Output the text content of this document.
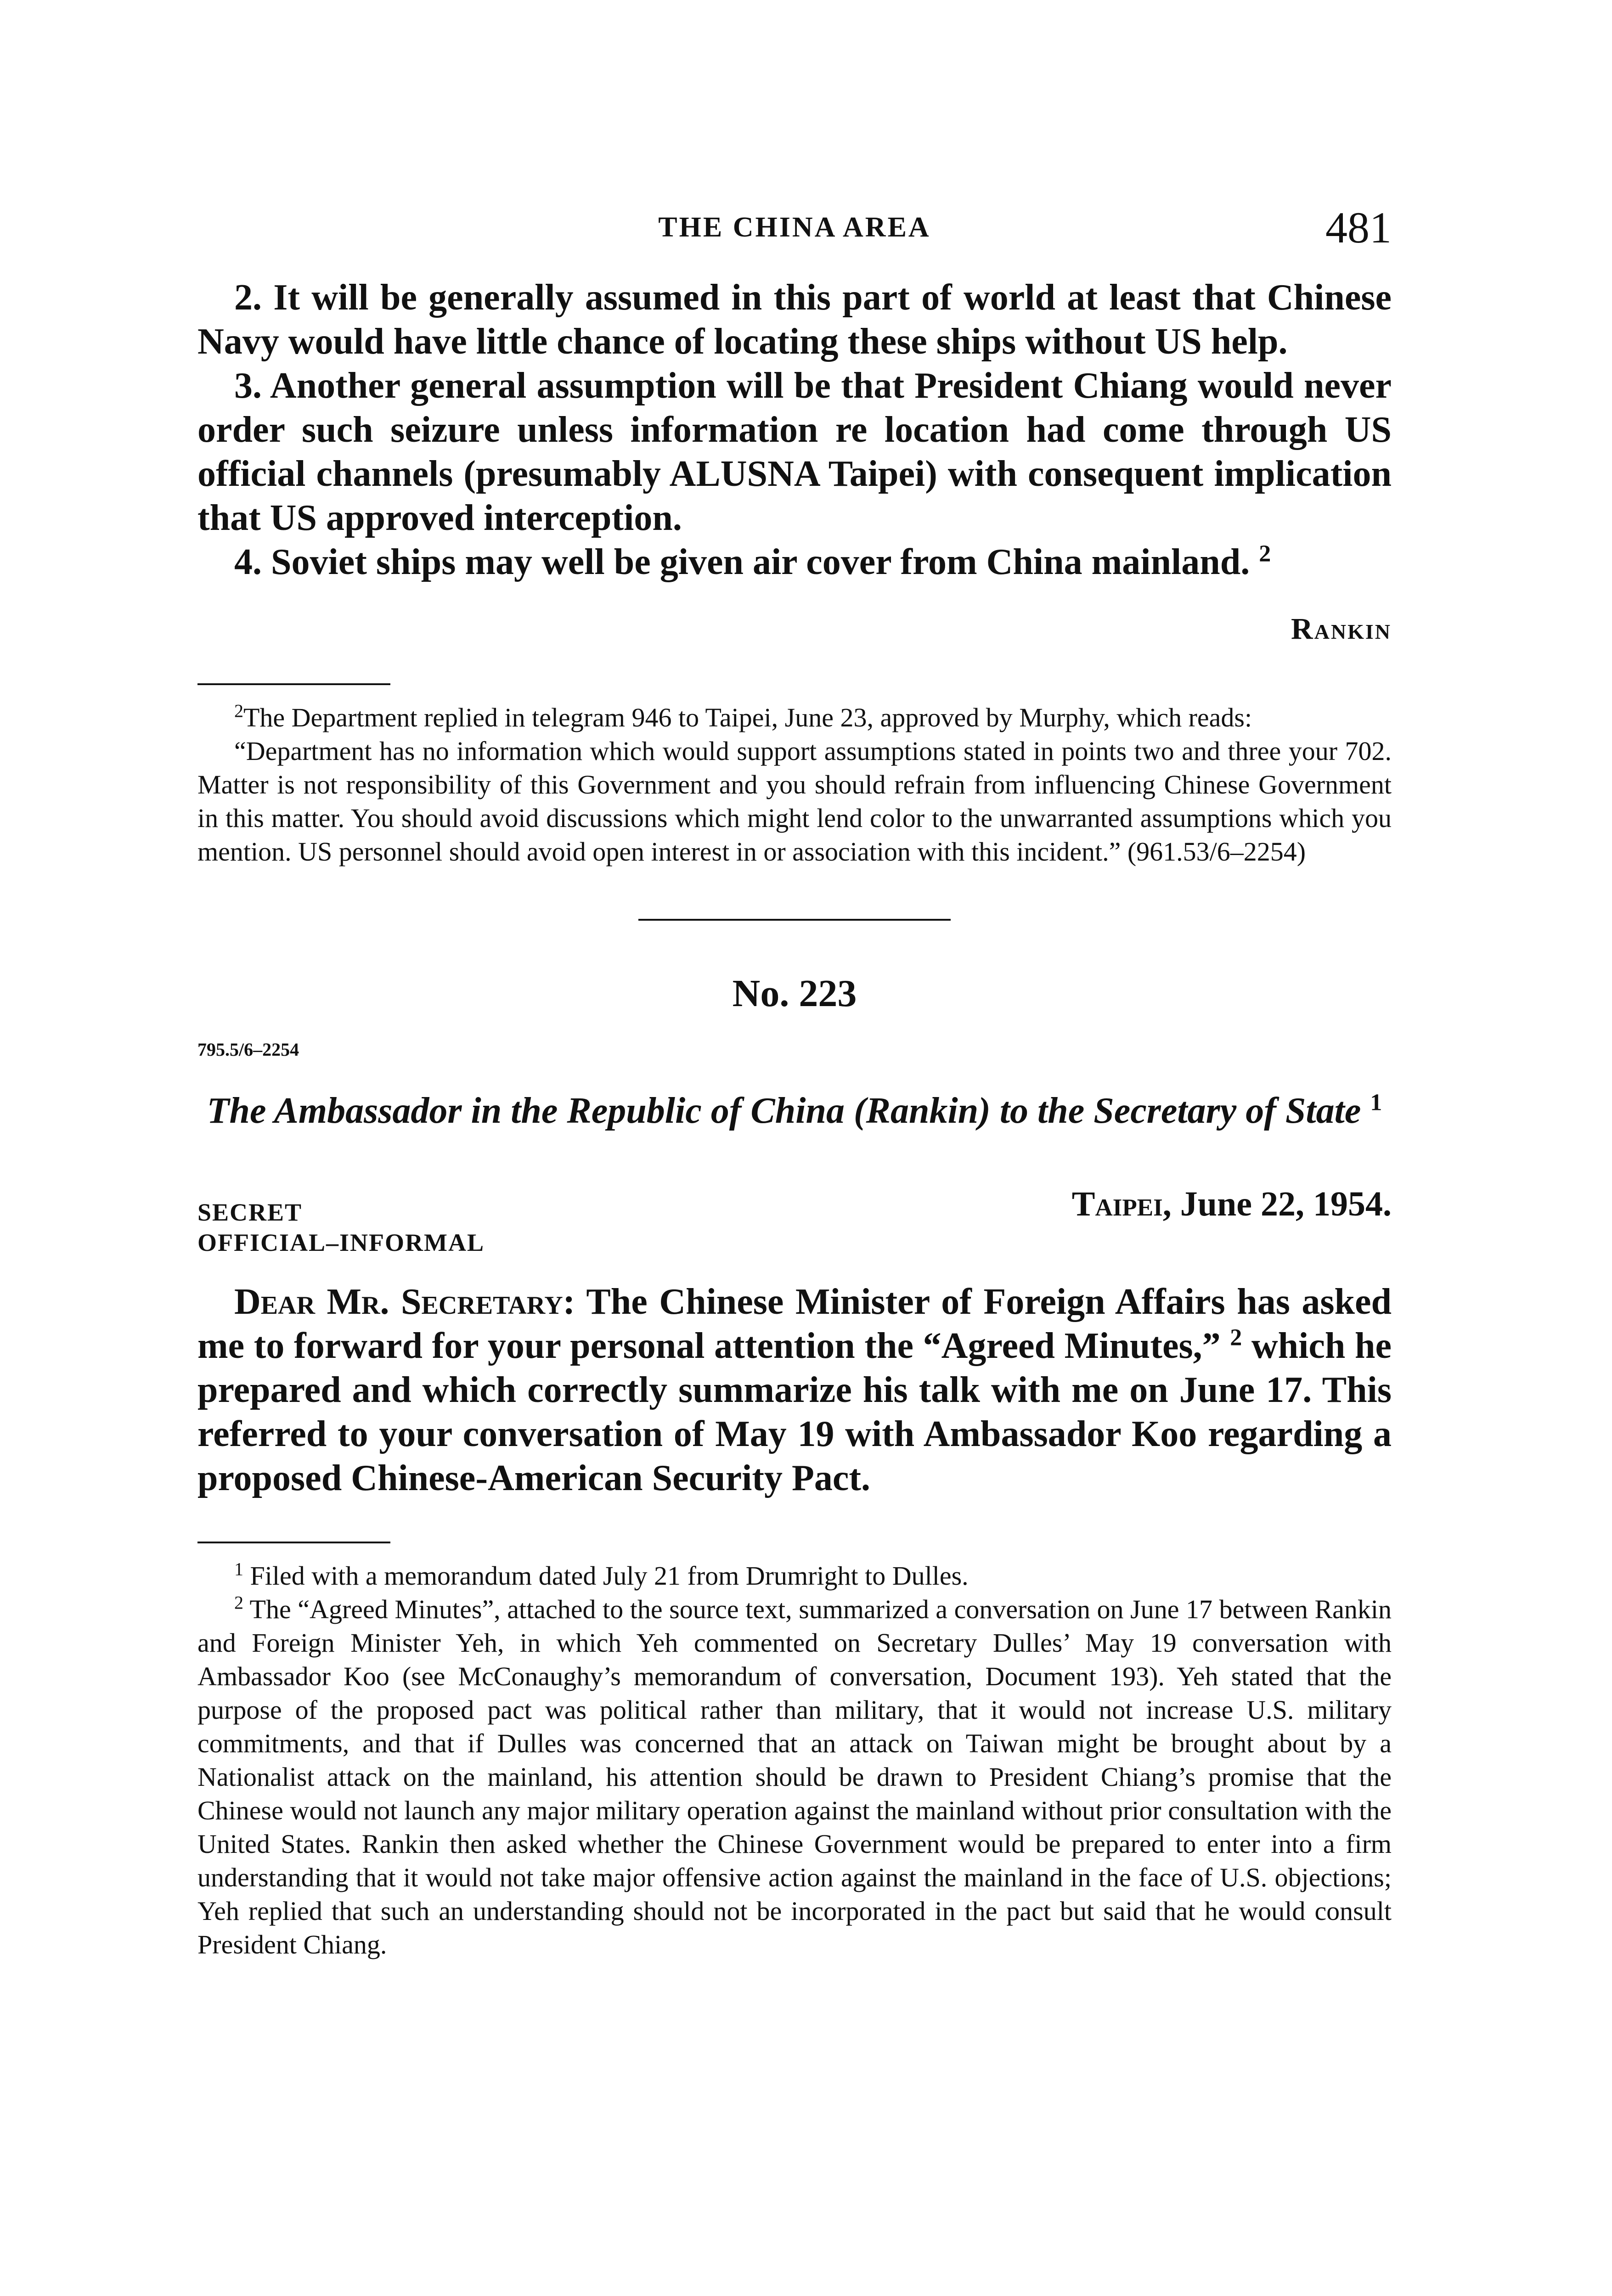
THE CHINA AREA	481

2. It will be generally assumed in this part of world at least that Chinese Navy would have little chance of locating these ships without US help.

3. Another general assumption will be that President Chiang would never order such seizure unless information re location had come through US official channels (presumably ALUSNA Taipei) with consequent implication that US approved interception.

4. Soviet ships may well be given air cover from China mainland. $^2$

Rankin

$^2$The Department replied in telegram 946 to Taipei, June 23, approved by Murphy, which reads:

“Department has no information which would support assumptions stated in points two and three your 702. Matter is not responsibility of this Government and you should refrain from influencing Chinese Government in this matter. You should avoid discussions which might lend color to the unwarranted assumptions which you mention. US personnel should avoid open interest in or association with this incident.” (961.53/6–2254)

No. 223
795.5/6–2254
The Ambassador in the Republic of China (Rankin) to the Secretary of State $^1$
SECRET	Taipei, June 22, 1954.
OFFICIAL–INFORMAL

Dear Mr. Secretary: The Chinese Minister of Foreign Affairs has asked me to forward for your personal attention the “Agreed Minutes,” $^2$ which he prepared and which correctly summarize his talk with me on June 17. This referred to your conversation of May 19 with Ambassador Koo regarding a proposed Chinese-American Security Pact.

$^1$ Filed with a memorandum dated July 21 from Drumright to Dulles.

$^2$ The “Agreed Minutes”, attached to the source text, summarized a conversation on June 17 between Rankin and Foreign Minister Yeh, in which Yeh commented on Secretary Dulles’ May 19 conversation with Ambassador Koo (see McConaughy’s memorandum of conversation, Document 193). Yeh stated that the purpose of the proposed pact was political rather than military, that it would not increase U.S. military commitments, and that if Dulles was concerned that an attack on Taiwan might be brought about by a Nationalist attack on the mainland, his attention should be drawn to President Chiang’s promise that the Chinese would not launch any major military operation against the mainland without prior consultation with the United States. Rankin then asked whether the Chinese Government would be prepared to enter into a firm understanding that it would not take major offensive action against the mainland in the face of U.S. objections; Yeh replied that such an understanding should not be incorporated in the pact but said that he would consult President Chiang.
